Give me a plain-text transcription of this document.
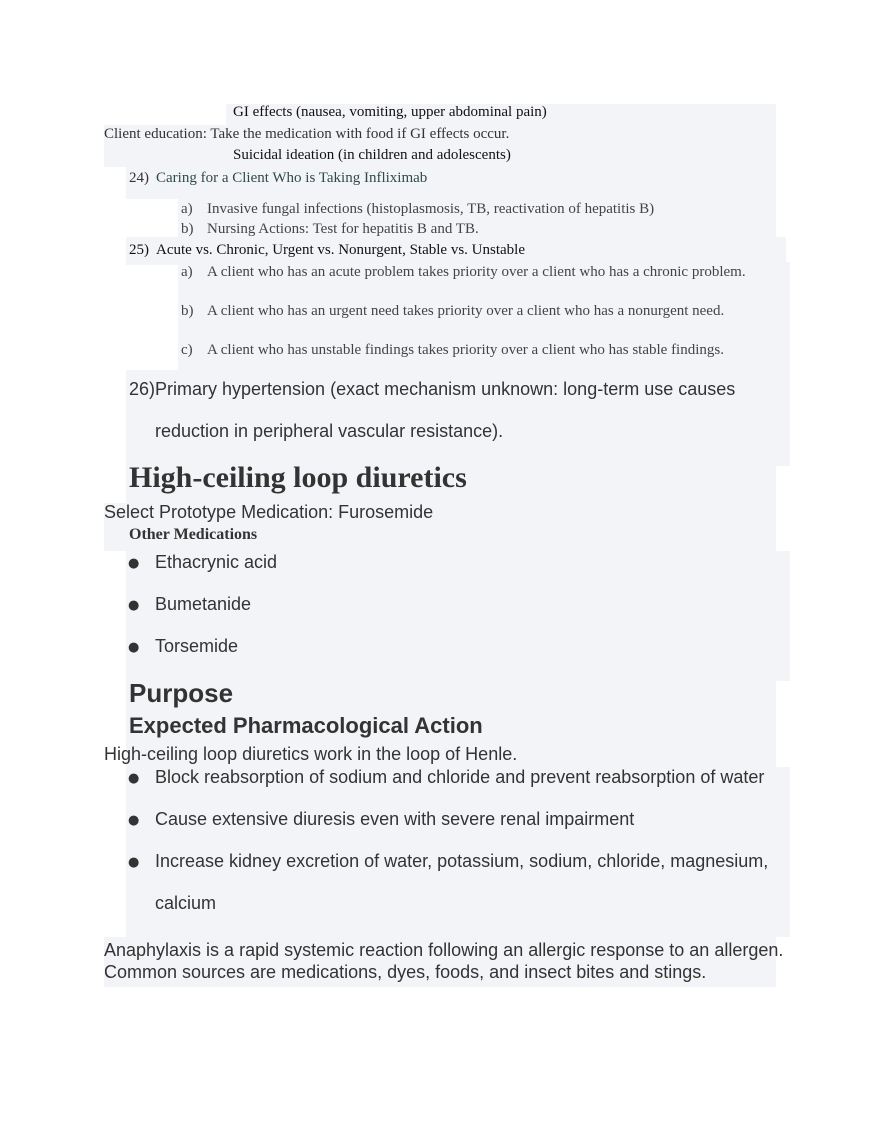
GI effects (nausea, vomiting, upper abdominal pain)
Client education: Take the medication with food if GI effects occur.
Suicidal ideation (in children and adolescents)
24) Caring for a Client Who is Taking Infliximab
a) Invasive fungal infections (histoplasmosis, TB, reactivation of hepatitis B)
b) Nursing Actions: Test for hepatitis B and TB.
25) Acute vs. Chronic, Urgent vs. Nonurgent, Stable vs. Unstable
a) A client who has an acute problem takes priority over a client who has a chronic problem.
b) A client who has an urgent need takes priority over a client who has a nonurgent need.
c) A client who has unstable findings takes priority over a client who has stable findings.
26) Primary hypertension (exact mechanism unknown: long-term use causes
reduction in peripheral vascular resistance).
High-ceiling loop diuretics
Select Prototype Medication: Furosemide
Other Medications
● Ethacrynic acid
● Bumetanide
● Torsemide
Purpose
Expected Pharmacological Action
High-ceiling loop diuretics work in the loop of Henle.
● Block reabsorption of sodium and chloride and prevent reabsorption of water
● Cause extensive diuresis even with severe renal impairment
● Increase kidney excretion of water, potassium, sodium, chloride, magnesium,
calcium
Anaphylaxis is a rapid systemic reaction following an allergic response to an allergen.
Common sources are medications, dyes, foods, and insect bites and stings.
